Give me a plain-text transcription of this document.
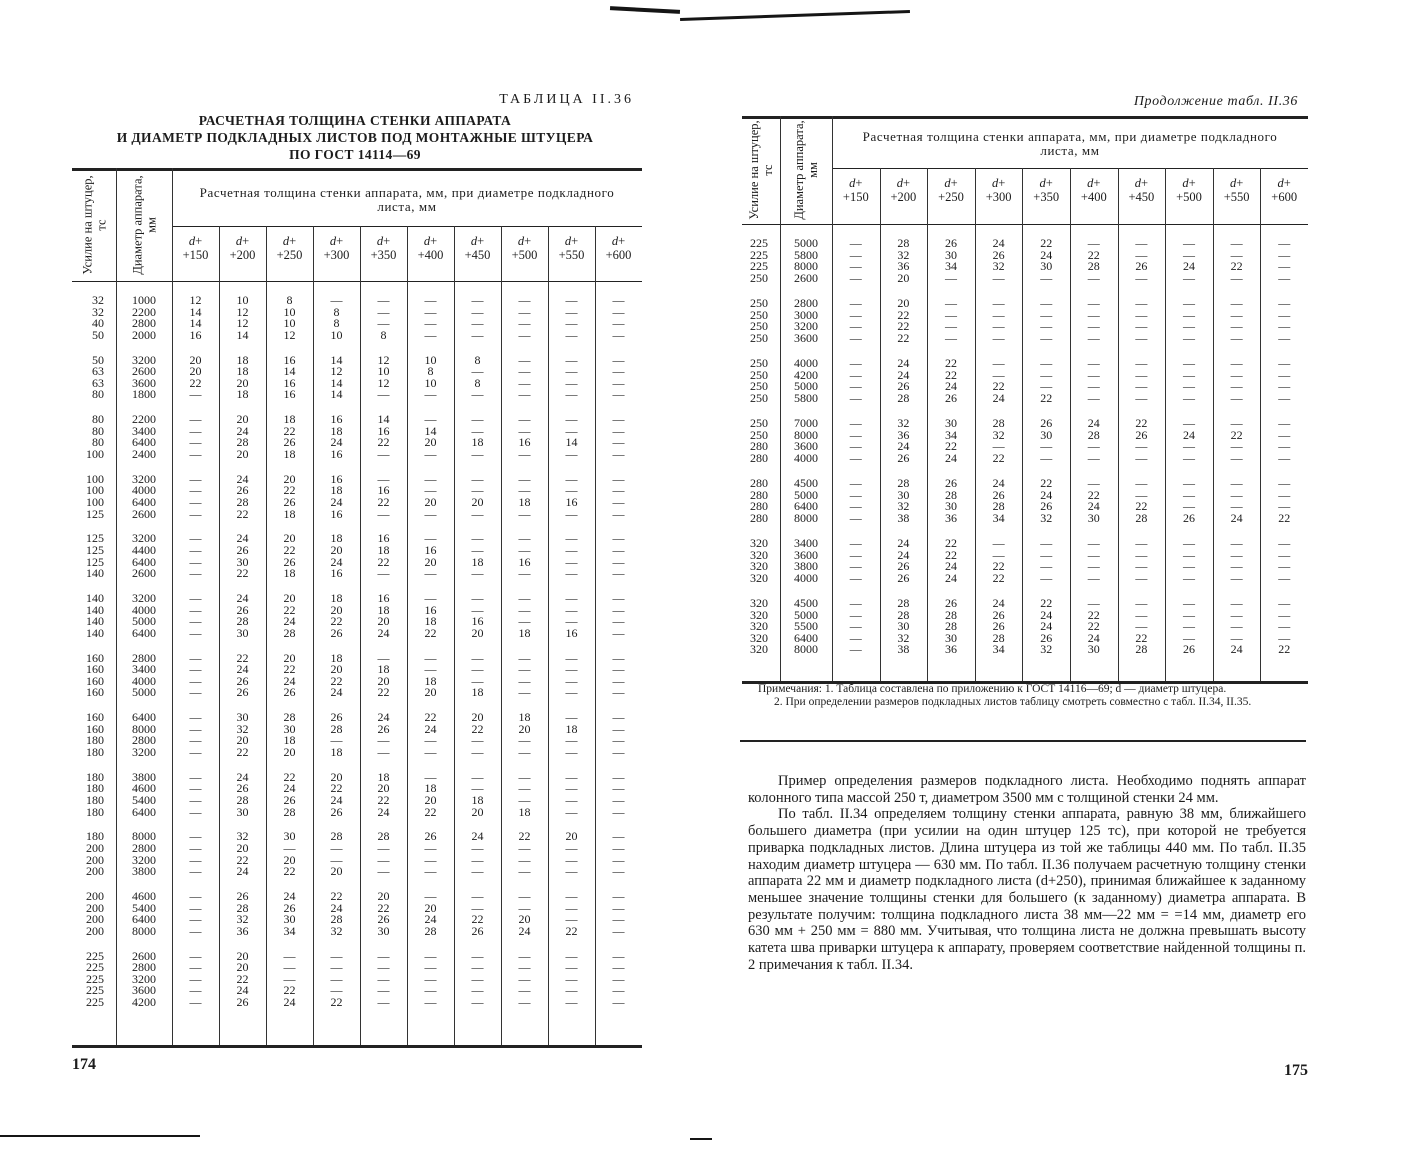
ТАБЛИЦА II.36
РАСЧЕТНАЯ ТОЛЩИНА СТЕНКИ АППАРАТА
И ДИАМЕТР ПОДКЛАДНЫХ ЛИСТОВ ПОД МОНТАЖНЫЕ ШТУЦЕРА
ПО ГОСТ 14114—69
Усилие на штуцер, тс Диаметр аппарата, мм
Расчетная толщина стенки аппарата, мм, при диаметре подкладного листа, мм
d+
+150
d+
+200
d+
+250
d+
+300
d+
+350
d+
+400
d+
+450
d+
+500
d+
+550
d+
+600
32
32
40
50
1000
2200
2800
2000
12
14
14
16
10
12
12
14
8
10
10
12
—
8
8
10
—
—
—
8
—
—
—
—
—
—
—
—
—
—
—
—
—
—
—
—
—
—
—
—
50
63
63
80
3200
2600
3600
1800
20
20
22
—
18
18
20
18
16
14
16
16
14
12
14
14
12
10
12
—
10
8
10
—
8
—
8
—
—
—
—
—
—
—
—
—
—
—
—
—
80
80
80
100
2200
3400
6400
2400
—
—
—
—
20
24
28
20
18
22
26
18
16
18
24
16
14
16
22
—
—
14
20
—
—
—
18
—
—
—
16
—
—
—
14
—
—
—
—
—
100
100
100
125
3200
4000
6400
2600
—
—
—
—
24
26
28
22
20
22
26
18
16
18
24
16
—
16
22
—
—
—
20
—
—
—
20
—
—
—
18
—
—
—
16
—
—
—
—
—
125
125
125
140
3200
4400
6400
2600
—
—
—
—
24
26
30
22
20
22
26
18
18
20
24
16
16
18
22
—
—
16
20
—
—
—
18
—
—
—
16
—
—
—
—
—
—
—
—
—
140
140
140
140
3200
4000
5000
6400
—
—
—
—
24
26
28
30
20
22
24
28
18
20
22
26
16
18
20
24
—
16
18
22
—
—
16
20
—
—
—
18
—
—
—
16
—
—
—
—
160
160
160
160
2800
3400
4000
5000
—
—
—
—
22
24
26
26
20
22
24
26
18
20
22
24
—
18
20
22
—
—
18
20
—
—
—
18
—
—
—
—
—
—
—
—
—
—
—
—
160
160
180
180
6400
8000
2800
3200
—
—
—
—
30
32
20
22
28
30
18
20
26
28
—
18
24
26
—
—
22
24
—
—
20
22
—
—
18
20
—
—
—
18
—
—
—
—
—
—
180
180
180
180
3800
4600
5400
6400
—
—
—
—
24
26
28
30
22
24
26
28
20
22
24
26
18
20
22
24
—
18
20
22
—
—
18
20
—
—
—
18
—
—
—
—
—
—
—
—
180
200
200
200
8000
2800
3200
3800
—
—
—
—
32
20
22
24
30
—
20
22
28
—
—
20
28
—
—
—
26
—
—
—
24
—
—
—
22
—
—
—
20
—
—
—
—
—
—
—
200
200
200
200
4600
5400
6400
8000
—
—
—
—
26
28
32
36
24
26
30
34
22
24
28
32
20
22
26
30
—
20
24
28
—
—
22
26
—
—
20
24
—
—
—
22
—
—
—
—
225
225
225
225
225
2600
2800
3200
3600
4200
—
—
—
—
—
20
20
22
24
26
—
—
—
22
24
—
—
—
—
22
—
—
—
—
—
—
—
—
—
—
—
—
—
—
—
—
—
—
—
—
—
—
—
—
—
—
—
—
—
—
174
Продолжение табл. II.36
Усилие на штуцер, тс Диаметр аппарата, мм
Расчетная толщина стенки аппарата, мм, при диаметре подкладного листа, мм
d+
+150
d+
+200
d+
+250
d+
+300
d+
+350
d+
+400
d+
+450
d+
+500
d+
+550
d+
+600
225
225
225
250
5000
5800
8000
2600
—
—
—
—
28
32
36
20
26
30
34
—
24
26
32
—
22
24
30
—
—
22
28
—
—
—
26
—
—
—
24
—
—
—
22
—
—
—
—
—
250
250
250
250
2800
3000
3200
3600
—
—
—
—
20
22
22
22
—
—
—
—
—
—
—
—
—
—
—
—
—
—
—
—
—
—
—
—
—
—
—
—
—
—
—
—
—
—
—
—
250
250
250
250
4000
4200
5000
5800
—
—
—
—
24
24
26
28
22
22
24
26
—
—
22
24
—
—
—
22
—
—
—
—
—
—
—
—
—
—
—
—
—
—
—
—
—
—
—
—
250
250
280
280
7000
8000
3600
4000
—
—
—
—
32
36
24
26
30
34
22
24
28
32
—
22
26
30
—
—
24
28
—
—
22
26
—
—
—
24
—
—
—
22
—
—
—
—
—
—
280
280
280
280
4500
5000
6400
8000
—
—
—
—
28
30
32
38
26
28
30
36
24
26
28
34
22
24
26
32
—
22
24
30
—
—
22
28
—
—
—
26
—
—
—
24
—
—
—
22
320
320
320
320
3400
3600
3800
4000
—
—
—
—
24
24
26
26
22
22
24
24
—
—
22
22
—
—
—
—
—
—
—
—
—
—
—
—
—
—
—
—
—
—
—
—
—
—
—
—
320
320
320
320
320
4500
5000
5500
6400
8000
—
—
—
—
—
28
28
30
32
38
26
28
28
30
36
24
26
26
28
34
22
24
24
26
32
—
22
22
24
30
—
—
—
22
28
—
—
—
—
26
—
—
—
—
24
—
—
—
—
22
175

Примечания: 1. Таблица составлена по приложению к ГОСТ 14116—69; d — диаметр штуцера.

2. При определении размеров подкладных листов таблицу смотреть совместно с табл. II.34, II.35.

Пример определения размеров подкладного листа. Необходимо поднять аппарат колонного типа массой 250 т, диаметром 3500 мм с толщиной стенки 24 мм.

По табл. II.34 определяем толщину стенки аппарата, равную 38 мм, ближайшего большего диаметра (при усилии на один штуцер 125 тс), при которой не требуется приварка подкладных листов. Длина штуцера из той же таблицы 440 мм. По табл. II.35 находим диаметр штуцера — 630 мм. По табл. II.36 получаем расчетную толщину стенки аппарата 22 мм и диаметр подкладного листа (d+250), принимая ближайшее к заданному меньшее значение толщины стенки для большего (к заданному) диаметра аппарата. В результате получим: толщина подкладного листа 38 мм—22 мм = =14 мм, диаметр его 630 мм + 250 мм = 880 мм. Учитывая, что толщина листа не должна превышать высоту катета шва приварки штуцера к аппарату, проверяем соответствие найденной толщины п. 2 примечания к табл. II.34.
